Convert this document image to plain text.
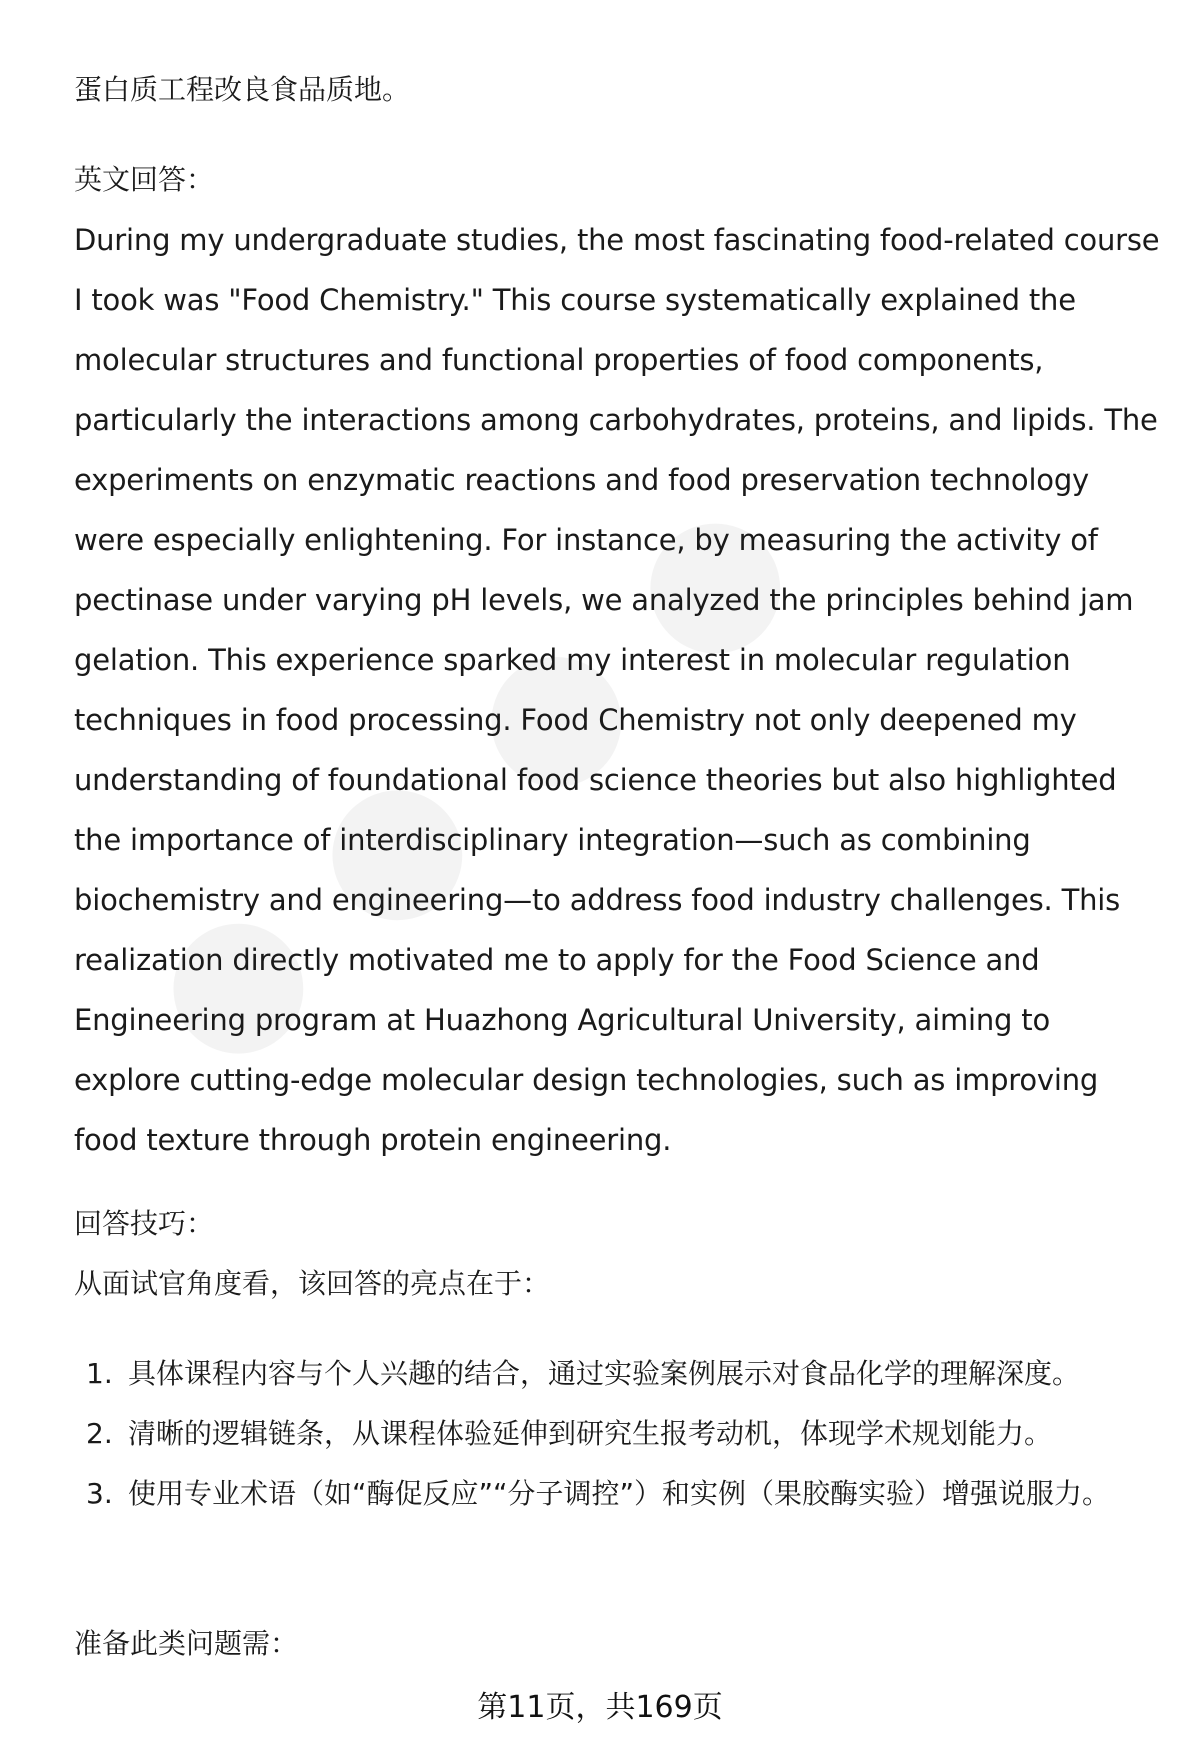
蛋白质工程改良食品质地。

英文回答：

During my undergraduate studies, the most fascinating food-related course I took was "Food Chemistry." This course systematically explained the molecular structures and functional properties of food components, particularly the interactions among carbohydrates, proteins, and lipids. The experiments on enzymatic reactions and food preservation technology were especially enlightening. For instance, by measuring the activity of pectinase under varying pH levels, we analyzed the principles behind jam gelation. This experience sparked my interest in molecular regulation techniques in food processing. Food Chemistry not only deepened my understanding of foundational food science theories but also highlighted the importance of interdisciplinary integration—such as combining biochemistry and engineering—to address food industry challenges. This realization directly motivated me to apply for the Food Science and Engineering program at Huazhong Agricultural University, aiming to explore cutting-edge molecular design technologies, such as improving food texture through protein engineering.

回答技巧：

从面试官角度看，该回答的亮点在于：

1. 具体课程内容与个人兴趣的结合，通过实验案例展示对食品化学的理解深度。
2. 清晰的逻辑链条，从课程体验延伸到研究生报考动机，体现学术规划能力。
3. 使用专业术语（如“酶促反应”“分子调控”）和实例（果胶酶实验）增强说服力。

准备此类问题需：

第11页，共169页
